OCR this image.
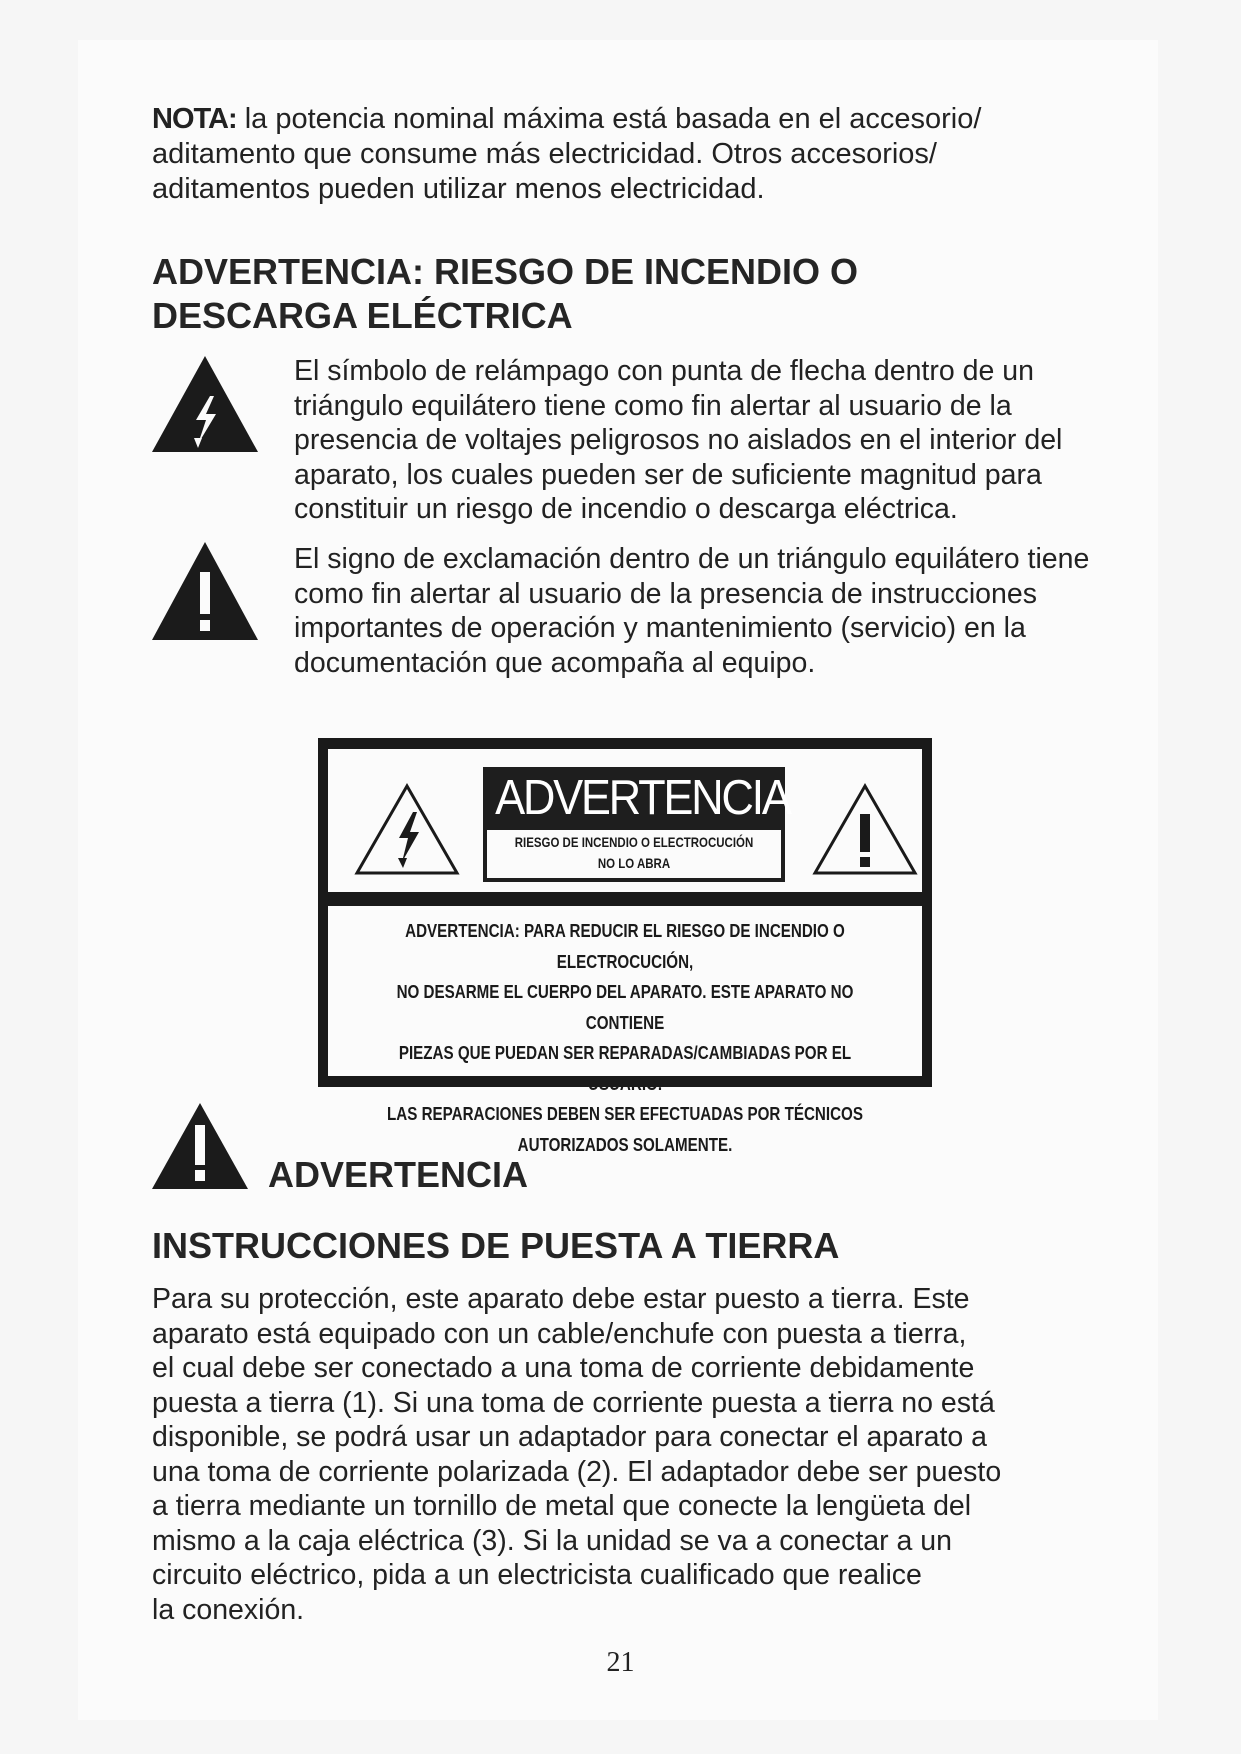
NOTA: la potencia nominal máxima está basada en el accesorio/ aditamento que consume más electricidad. Otros accesorios/ aditamentos pueden utilizar menos electricidad.
ADVERTENCIA: RIESGO DE INCENDIO O
DESCARGA ELÉCTRICA
El símbolo de relámpago con punta de flecha dentro de un triángulo equilátero tiene como fin alertar al usuario de la presencia de voltajes peligrosos no aislados en el interior del aparato, los cuales pueden ser de suficiente magnitud para constituir un riesgo de incendio o descarga eléctrica.
El signo de exclamación dentro de un triángulo equilátero tiene como fin alertar al usuario de la presencia de instrucciones importantes de operación y mantenimiento (servicio) en la documentación que acompaña al equipo.
ADVERTENCIA
RIESGO DE INCENDIO O ELECTROCUCIÓN
NO LO ABRA
ADVERTENCIA: PARA REDUCIR EL RIESGO DE INCENDIO O ELECTROCUCIÓN,
NO DESARME EL CUERPO DEL APARATO. ESTE APARATO NO CONTIENE
PIEZAS QUE PUEDAN SER REPARADAS/CAMBIADAS POR EL USUARIO.
LAS REPARACIONES DEBEN SER EFECTUADAS POR TÉCNICOS
AUTORIZADOS SOLAMENTE.
ADVERTENCIA
INSTRUCCIONES DE PUESTA A TIERRA
Para su protección, este aparato debe estar puesto a tierra. Este
aparato está equipado con un cable/enchufe con puesta a tierra,
el cual debe ser conectado a una toma de corriente debidamente
puesta a tierra (1). Si una toma de corriente puesta a tierra no está
disponible, se podrá usar un adaptador para conectar el aparato a
una toma de corriente polarizada (2). El adaptador debe ser puesto
a tierra mediante un tornillo de metal que conecte la lengüeta del
mismo a la caja eléctrica (3). Si la unidad se va a conectar a un
circuito eléctrico, pida a un electricista cualificado que realice
la conexión.
21
